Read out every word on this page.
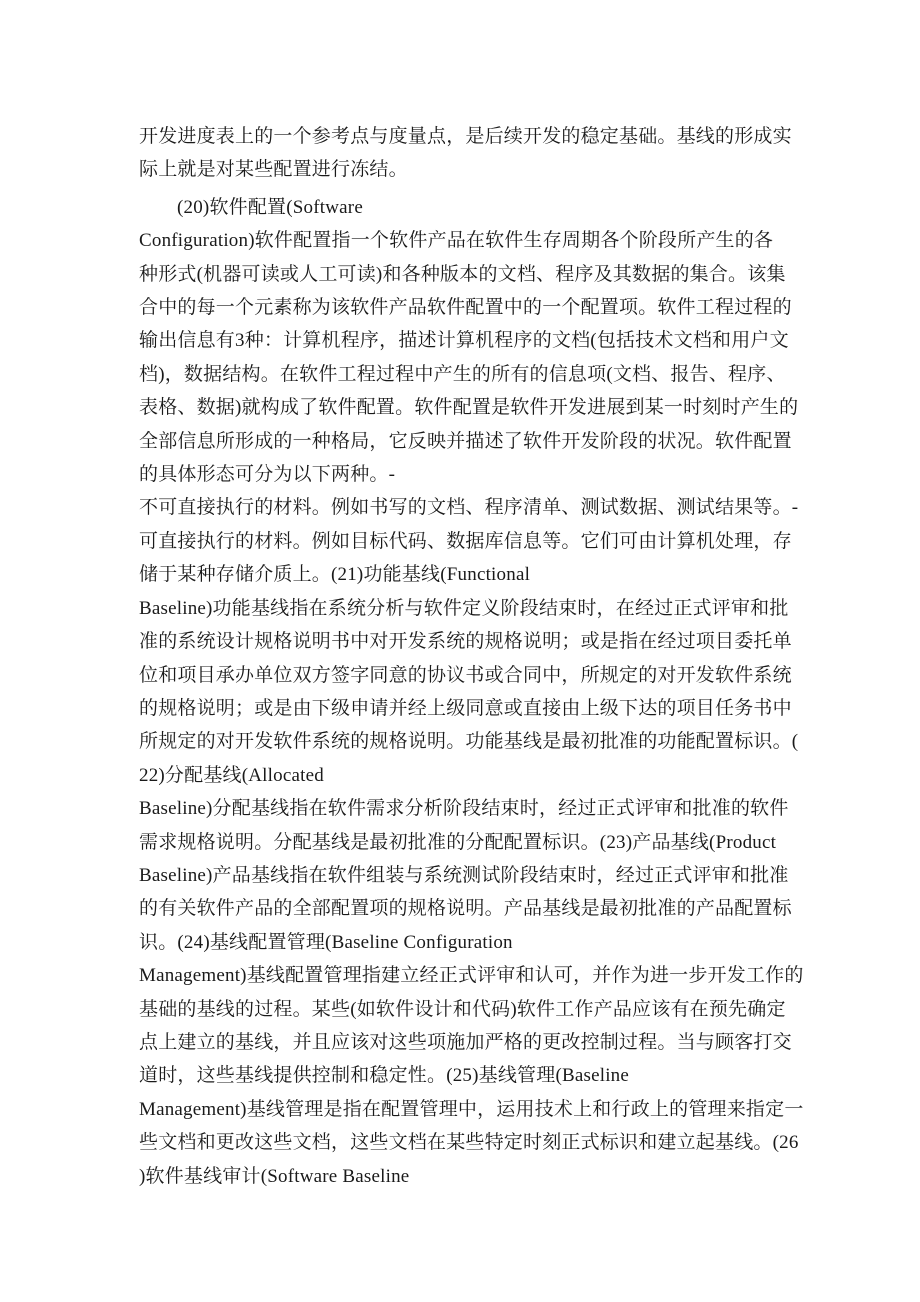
开发进度表上的一个参考点与度量点，是后续开发的稳定基础。基线的形成实
际上就是对某些配置进行冻结。
(20)软件配置(Software
Configuration)软件配置指一个软件产品在软件生存周期各个阶段所产生的各
种形式(机器可读或人工可读)和各种版本的文档、程序及其数据的集合。该集
合中的每一个元素称为该软件产品软件配置中的一个配置项。软件工程过程的
输出信息有3种：计算机程序，描述计算机程序的文档(包括技术文档和用户文
档)，数据结构。在软件工程过程中产生的所有的信息项(文档、报告、程序、
表格、数据)就构成了软件配置。软件配置是软件开发进展到某一时刻时产生的
全部信息所形成的一种格局，它反映并描述了软件开发阶段的状况。软件配置
的具体形态可分为以下两种。-
不可直接执行的材料。例如书写的文档、程序清单、测试数据、测试结果等。-
可直接执行的材料。例如目标代码、数据库信息等。它们可由计算机处理，存
储于某种存储介质上。(21)功能基线(Functional
Baseline)功能基线指在系统分析与软件定义阶段结束时，在经过正式评审和批
准的系统设计规格说明书中对开发系统的规格说明；或是指在经过项目委托单
位和项目承办单位双方签字同意的协议书或合同中，所规定的对开发软件系统
的规格说明；或是由下级申请并经上级同意或直接由上级下达的项目任务书中
所规定的对开发软件系统的规格说明。功能基线是最初批准的功能配置标识。(
22)分配基线(Allocated
Baseline)分配基线指在软件需求分析阶段结束时，经过正式评审和批准的软件
需求规格说明。分配基线是最初批准的分配配置标识。(23)产品基线(Product
Baseline)产品基线指在软件组装与系统测试阶段结束时，经过正式评审和批准
的有关软件产品的全部配置项的规格说明。产品基线是最初批准的产品配置标
识。(24)基线配置管理(Baseline Configuration
Management)基线配置管理指建立经正式评审和认可，并作为进一步开发工作的
基础的基线的过程。某些(如软件设计和代码)软件工作产品应该有在预先确定
点上建立的基线，并且应该对这些项施加严格的更改控制过程。当与顾客打交
道时，这些基线提供控制和稳定性。(25)基线管理(Baseline
Management)基线管理是指在配置管理中，运用技术上和行政上的管理来指定一
些文档和更改这些文档，这些文档在某些特定时刻正式标识和建立起基线。(26
)软件基线审计(Software Baseline
